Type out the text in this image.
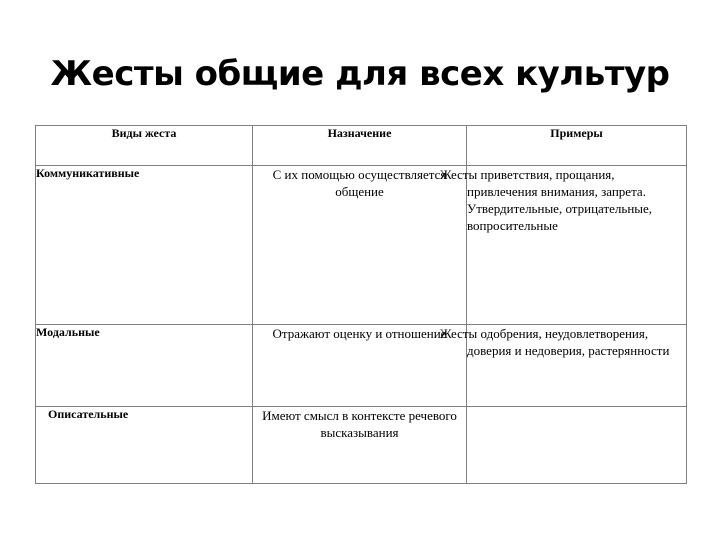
Жесты общие для всех культур
Виды жеста	Назначение	Примеры
Коммуникативные	С их помощью осуществляется общение	Жесты приветствия, прощания, привлечения внимания, запрета. Утвердительные, отрицательные, вопросительные
Модальные	Отражают оценку и отношение	Жесты одобрения, неудовлетворения, доверия и недоверия, растерянности
Описательные	Имеют смысл в контексте речевого высказывания	
